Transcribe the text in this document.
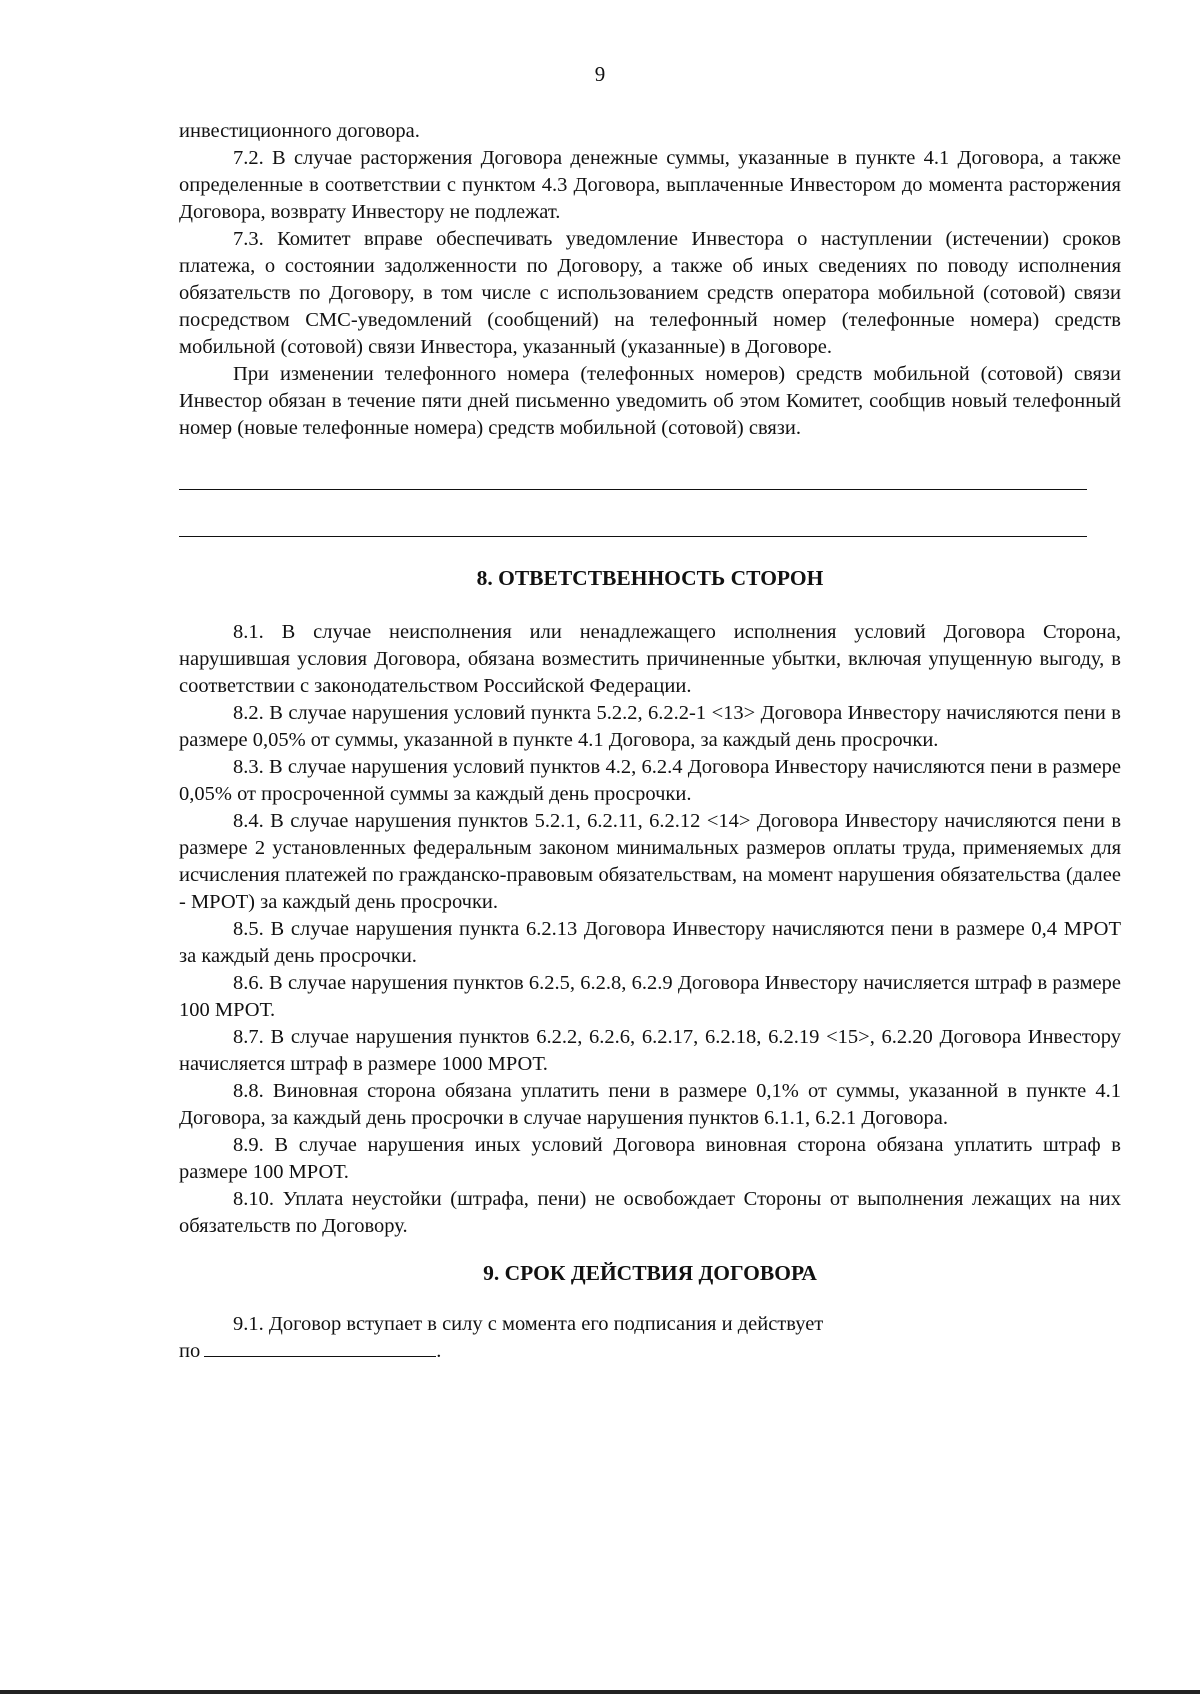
9

инвестиционного договора.

7.2. В случае расторжения Договора денежные суммы, указанные в пункте 4.1 Договора, а также определенные в соответствии с пунктом 4.3 Договора, выплаченные Инвестором до момента расторжения Договора, возврату Инвестору не подлежат.

7.3. Комитет вправе обеспечивать уведомление Инвестора о наступлении (истечении) сроков платежа, о состоянии задолженности по Договору, а также об иных сведениях по поводу исполнения обязательств по Договору, в том числе с использованием средств оператора мобильной (сотовой) связи посредством СМС-уведомлений (сообщений) на телефонный номер (телефонные номера) средств мобильной (сотовой) связи Инвестора, указанный (указанные) в Договоре.

При изменении телефонного номера (телефонных номеров) средств мобильной (сотовой) связи Инвестор обязан в течение пяти дней письменно уведомить об этом Комитет, сообщив новый телефонный номер (новые телефонные номера) средств мобильной (сотовой) связи.

8. ОТВЕТСТВЕННОСТЬ СТОРОН

8.1. В случае неисполнения или ненадлежащего исполнения условий Договора Сторона, нарушившая условия Договора, обязана возместить причиненные убытки, включая упущенную выгоду, в соответствии с законодательством Российской Федерации.

8.2. В случае нарушения условий пункта 5.2.2, 6.2.2-1 <13> Договора Инвестору начисляются пени в размере 0,05% от суммы, указанной в пункте 4.1 Договора, за каждый день просрочки.

8.3. В случае нарушения условий пунктов 4.2, 6.2.4 Договора Инвестору начисляются пени в размере 0,05% от просроченной суммы за каждый день просрочки.

8.4. В случае нарушения пунктов 5.2.1, 6.2.11, 6.2.12 <14> Договора Инвестору начисляются пени в размере 2 установленных федеральным законом минимальных размеров оплаты труда, применяемых для исчисления платежей по гражданско-правовым обязательствам, на момент нарушения обязательства (далее - МРОТ) за каждый день просрочки.

8.5. В случае нарушения пункта 6.2.13 Договора Инвестору начисляются пени в размере 0,4 МРОТ за каждый день просрочки.

8.6. В случае нарушения пунктов 6.2.5, 6.2.8, 6.2.9 Договора Инвестору начисляется штраф в размере 100 МРОТ.

8.7. В случае нарушения пунктов 6.2.2, 6.2.6, 6.2.17, 6.2.18, 6.2.19 <15>, 6.2.20 Договора Инвестору начисляется штраф в размере 1000 МРОТ.

8.8. Виновная сторона обязана уплатить пени в размере 0,1% от суммы, указанной в пункте 4.1 Договора, за каждый день просрочки в случае нарушения пунктов 6.1.1, 6.2.1 Договора.

8.9. В случае нарушения иных условий Договора виновная сторона обязана уплатить штраф в размере 100 МРОТ.

8.10. Уплата неустойки (штрафа, пени) не освобождает Стороны от выполнения лежащих на них обязательств по Договору.

9. СРОК ДЕЙСТВИЯ ДОГОВОРА

9.1. Договор вступает в силу с момента его подписания и действует

по	.
